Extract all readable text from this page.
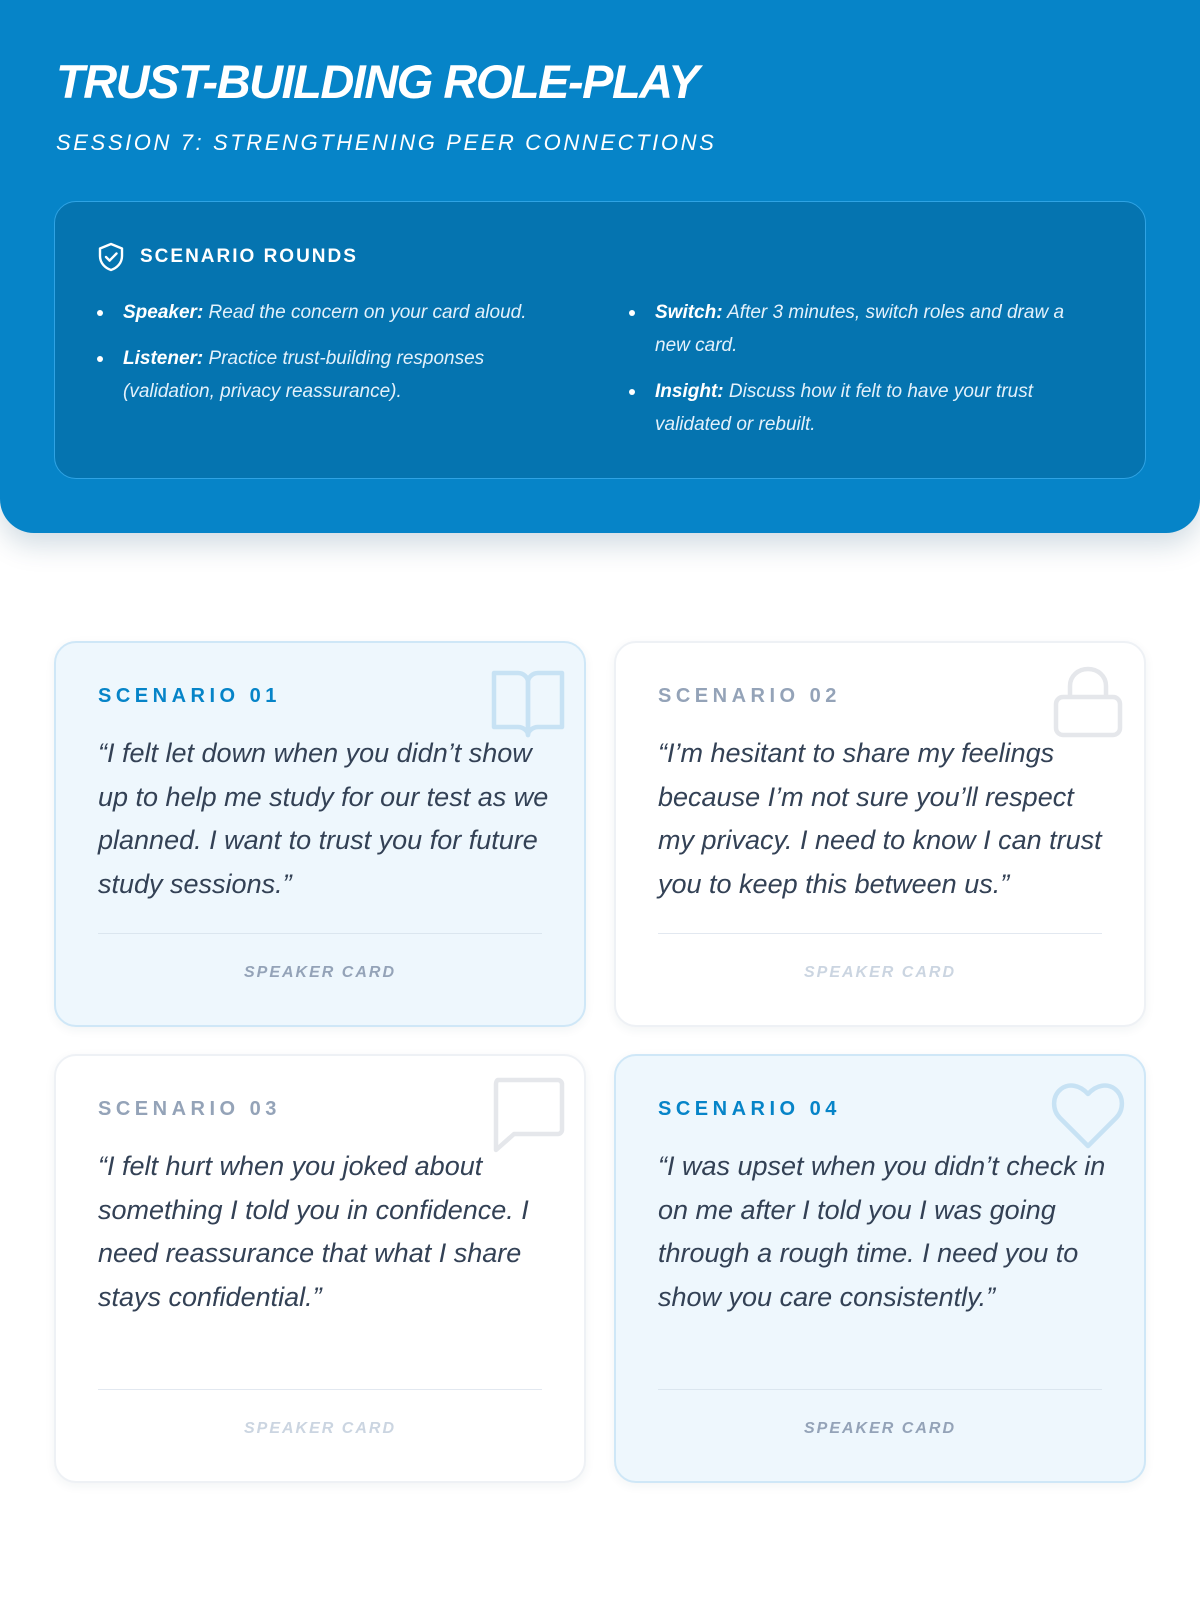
TRUST-BUILDING ROLE-PLAY

SESSION 7: STRENGTHENING PEER CONNECTIONS

SCENARIO ROUNDS
Speaker: Read the concern on your card aloud.
Listener: Practice trust-building responses (validation, privacy reassurance).
Switch: After 3 minutes, switch roles and draw a new card.
Insight: Discuss how it felt to have your trust validated or rebuilt.
SCENARIO 01

“I felt let down when you didn’t show up to help me study for our test as we planned. I want to trust you for future study sessions.”

SPEAKER CARD
SCENARIO 02

“I’m hesitant to share my feelings because I’m not sure you’ll respect my privacy. I need to know I can trust you to keep this between us.”

SPEAKER CARD
SCENARIO 03

“I felt hurt when you joked about something I told you in confidence. I need reassurance that what I share stays confidential.”

SPEAKER CARD
SCENARIO 04

“I was upset when you didn’t check in on me after I told you I was going through a rough time. I need you to show you care consistently.”

SPEAKER CARD
